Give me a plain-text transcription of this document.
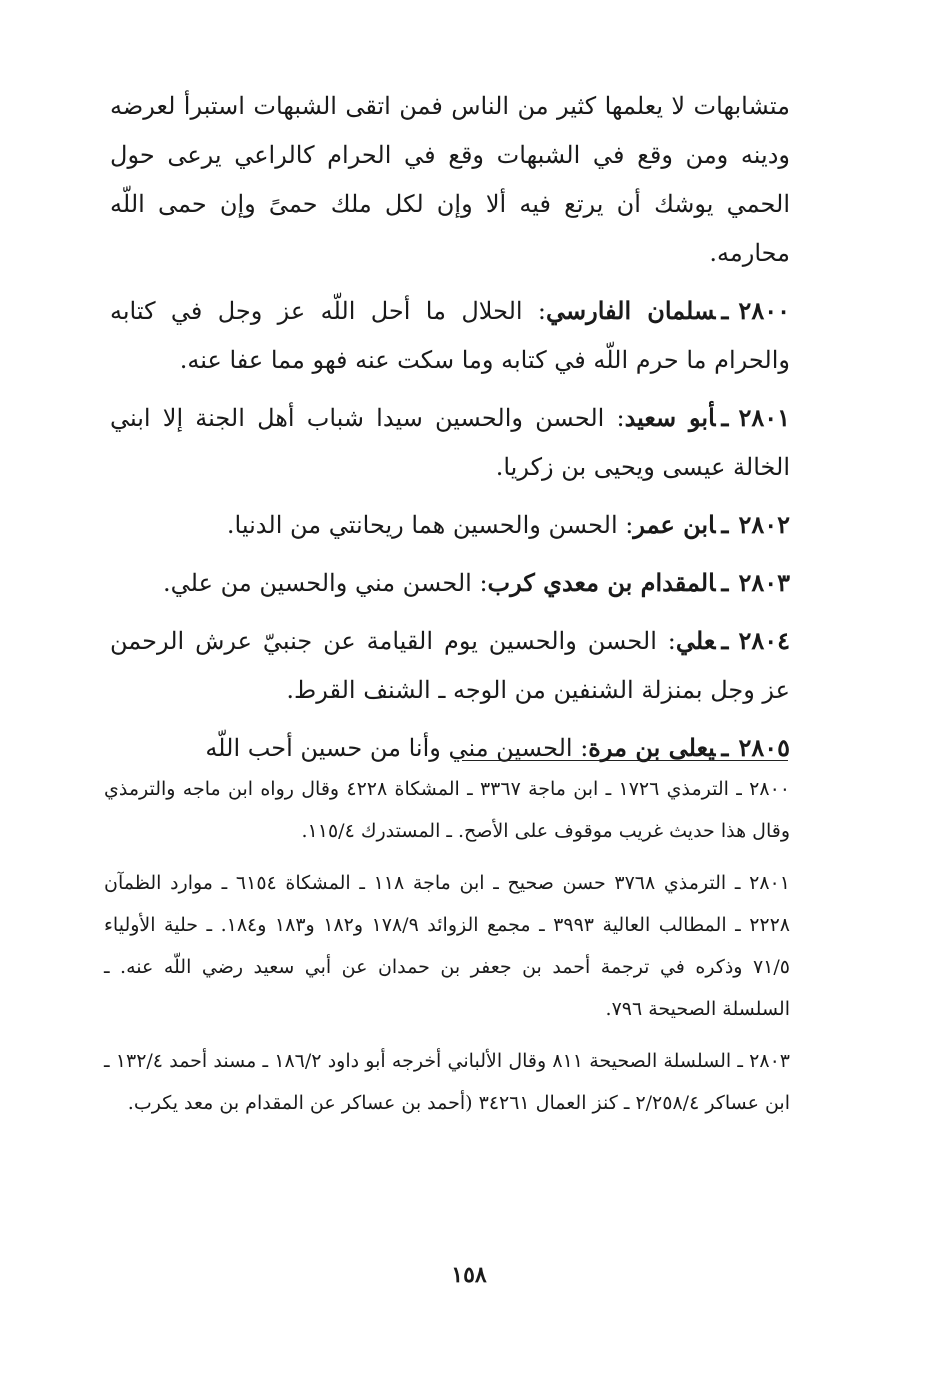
متشابهات لا يعلمها كثير من الناس فمن اتقى الشبهات استبرأ لعرضه ودينه ومن وقع في الشبهات وقع في الحرام كالراعي يرعى حول الحمي يوشك أن يرتع فيه ألا وإن لكل ملك حمىً وإن حمى اللّه محارمه.

٢٨٠٠ـسلمان الفارسي: الحلال ما أحل اللّه عز وجل في كتابه والحرام ما حرم اللّه في كتابه وما سكت عنه فهو مما عفا عنه.

٢٨٠١ـأبو سعيد: الحسن والحسين سيدا شباب أهل الجنة إلا ابني الخالة عيسى ويحيى بن زكريا.

٢٨٠٢ـابن عمر: الحسن والحسين هما ريحانتي من الدنيا.

٢٨٠٣ـالمقدام بن معدي كرب: الحسن مني والحسين من علي.

٢٨٠٤ـعلي: الحسن والحسين يوم القيامة عن جنبيّ عرش الرحمن عز وجل بمنزلة الشنفين من الوجه ـ الشنف القرط.

٢٨٠٥ـيعلى بن مرة: الحسين مني وأنا من حسين أحب اللّه

٢٨٠٠ ـ الترمذي ١٧٢٦ ـ ابن ماجة ٣٣٦٧ ـ المشكاة ٤٢٢٨ وقال رواه ابن ماجه والترمذي وقال هذا حديث غريب موقوف على الأصح. ـ المستدرك ١١٥/٤.

٢٨٠١ ـ الترمذي ٣٧٦٨ حسن صحيح ـ ابن ماجة ١١٨ ـ المشكاة ٦١٥٤ ـ موارد الظمآن ٢٢٢٨ ـ المطالب العالية ٣٩٩٣ ـ مجمع الزوائد ١٧٨/٩ و١٨٢ و١٨٣ و١٨٤. ـ حلية الأولياء ٧١/٥ وذكره في ترجمة أحمد بن جعفر بن حمدان عن أبي سعيد رضي اللّه عنه. ـ السلسلة الصحيحة ٧٩٦.

٢٨٠٣ ـ السلسلة الصحيحة ٨١١ وقال الألباني أخرجه أبو داود ١٨٦/٢ ـ مسند أحمد ١٣٢/٤ ـ ابن عساكر ٢/٢٥٨/٤ ـ كنز العمال ٣٤٢٦١ (أحمد بن عساكر عن المقدام بن معد يكرب.

١٥٨
